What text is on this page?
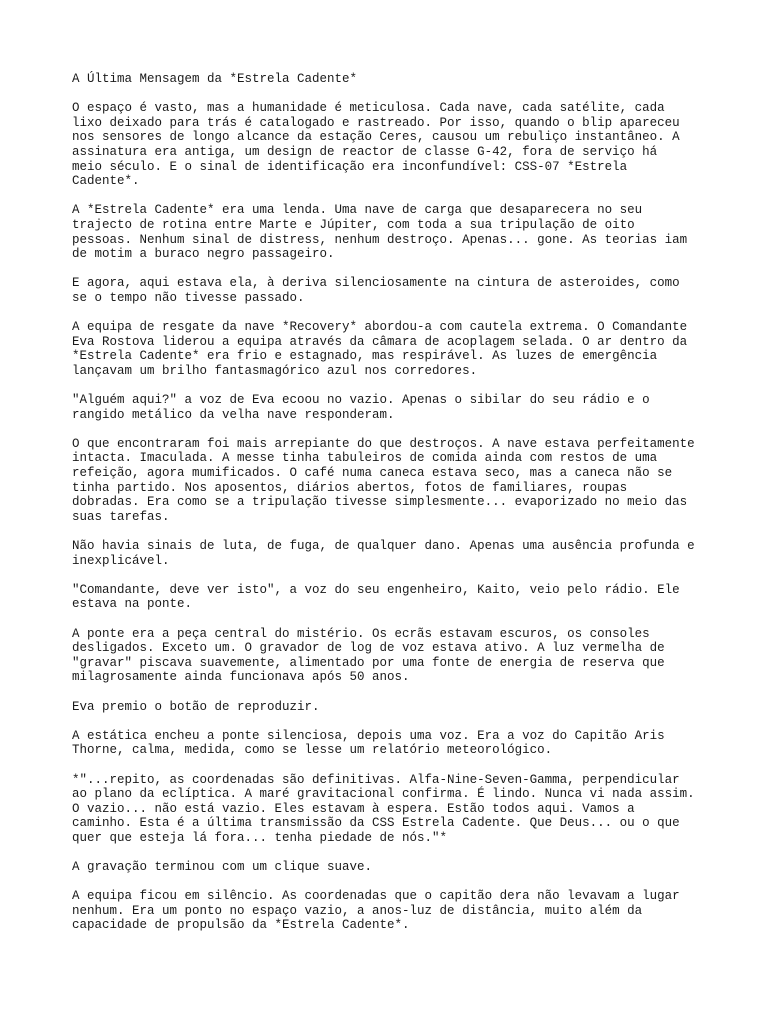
A Última Mensagem da *Estrela Cadente*

O espaço é vasto, mas a humanidade é meticulosa. Cada nave, cada satélite, cada
lixo deixado para trás é catalogado e rastreado. Por isso, quando o blip apareceu
nos sensores de longo alcance da estação Ceres, causou um rebuliço instantâneo. A
assinatura era antiga, um design de reactor de classe G-42, fora de serviço há
meio século. E o sinal de identificação era inconfundível: CSS-07 *Estrela
Cadente*.

A *Estrela Cadente* era uma lenda. Uma nave de carga que desaparecera no seu
trajecto de rotina entre Marte e Júpiter, com toda a sua tripulação de oito
pessoas. Nenhum sinal de distress, nenhum destroço. Apenas... gone. As teorias iam
de motim a buraco negro passageiro.

E agora, aqui estava ela, à deriva silenciosamente na cintura de asteroides, como
se o tempo não tivesse passado.

A equipa de resgate da nave *Recovery* abordou-a com cautela extrema. O Comandante
Eva Rostova liderou a equipa através da câmara de acoplagem selada. O ar dentro da
*Estrela Cadente* era frio e estagnado, mas respirável. As luzes de emergência
lançavam um brilho fantasmagórico azul nos corredores.

"Alguém aqui?" a voz de Eva ecoou no vazio. Apenas o sibilar do seu rádio e o
rangido metálico da velha nave responderam.

O que encontraram foi mais arrepiante do que destroços. A nave estava perfeitamente
intacta. Imaculada. A messe tinha tabuleiros de comida ainda com restos de uma
refeição, agora mumificados. O café numa caneca estava seco, mas a caneca não se
tinha partido. Nos aposentos, diários abertos, fotos de familiares, roupas
dobradas. Era como se a tripulação tivesse simplesmente... evaporizado no meio das
suas tarefas.

Não havia sinais de luta, de fuga, de qualquer dano. Apenas uma ausência profunda e
inexplicável.

"Comandante, deve ver isto", a voz do seu engenheiro, Kaito, veio pelo rádio. Ele
estava na ponte.

A ponte era a peça central do mistério. Os ecrãs estavam escuros, os consoles
desligados. Exceto um. O gravador de log de voz estava ativo. A luz vermelha de
"gravar" piscava suavemente, alimentado por uma fonte de energia de reserva que
milagrosamente ainda funcionava após 50 anos.

Eva premio o botão de reproduzir.

A estática encheu a ponte silenciosa, depois uma voz. Era a voz do Capitão Aris
Thorne, calma, medida, como se lesse um relatório meteorológico.

*"...repito, as coordenadas são definitivas. Alfa-Nine-Seven-Gamma, perpendicular
ao plano da eclíptica. A maré gravitacional confirma. É lindo. Nunca vi nada assim.
O vazio... não está vazio. Eles estavam à espera. Estão todos aqui. Vamos a
caminho. Esta é a última transmissão da CSS Estrela Cadente. Que Deus... ou o que
quer que esteja lá fora... tenha piedade de nós."*

A gravação terminou com um clique suave.

A equipa ficou em silêncio. As coordenadas que o capitão dera não levavam a lugar
nenhum. Era um ponto no espaço vazio, a anos-luz de distância, muito além da
capacidade de propulsão da *Estrela Cadente*.
